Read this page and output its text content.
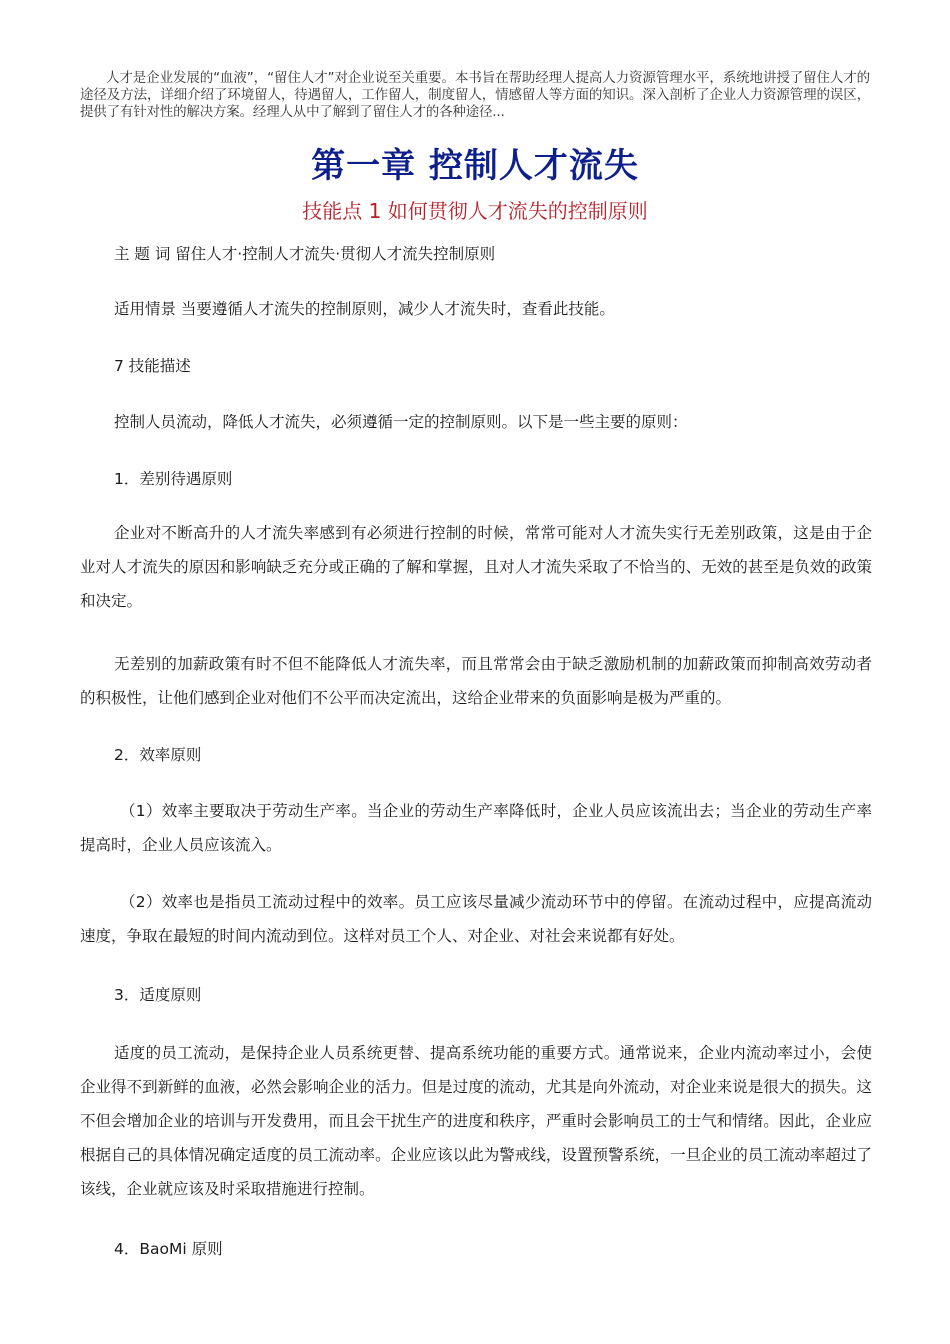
人才是企业发展的“血液”，“留住人才”对企业说至关重要。本书旨在帮助经理人提高人力资源管理水平，系统地讲授了留住人才的途径及方法，详细介绍了环境留人，待遇留人，工作留人，制度留人，情感留人等方面的知识。深入剖析了企业人力资源管理的误区，提供了有针对性的解决方案。经理人从中了解到了留住人才的各种途径...
第一章 控制人才流失
技能点 1 如何贯彻人才流失的控制原则
主 题 词 留住人才·控制人才流失·贯彻人才流失控制原则
适用情景 当要遵循人才流失的控制原则，减少人才流失时，查看此技能。
7 技能描述
控制人员流动，降低人才流失，必须遵循一定的控制原则。以下是一些主要的原则：
1．差别待遇原则
企业对不断高升的人才流失率感到有必须进行控制的时候，常常可能对人才流失实行无差别政策，这是由于企业对人才流失的原因和影响缺乏充分或正确的了解和掌握，且对人才流失采取了不恰当的、无效的甚至是负效的政策和决定。
无差别的加薪政策有时不但不能降低人才流失率，而且常常会由于缺乏激励机制的加薪政策而抑制高效劳动者的积极性，让他们感到企业对他们不公平而决定流出，这给企业带来的负面影响是极为严重的。
2．效率原则
（1）效率主要取决于劳动生产率。当企业的劳动生产率降低时，企业人员应该流出去；当企业的劳动生产率提高时，企业人员应该流入。
（2）效率也是指员工流动过程中的效率。员工应该尽量减少流动环节中的停留。在流动过程中，应提高流动速度，争取在最短的时间内流动到位。这样对员工个人、对企业、对社会来说都有好处。
3．适度原则
适度的员工流动，是保持企业人员系统更替、提高系统功能的重要方式。通常说来，企业内流动率过小，会使企业得不到新鲜的血液，必然会影响企业的活力。但是过度的流动，尤其是向外流动，对企业来说是很大的损失。这不但会增加企业的培训与开发费用，而且会干扰生产的进度和秩序，严重时会影响员工的士气和情绪。因此，企业应根据自己的具体情况确定适度的员工流动率。企业应该以此为警戒线，设置预警系统，一旦企业的员工流动率超过了该线，企业就应该及时采取措施进行控制。
4．BaoMi 原则
